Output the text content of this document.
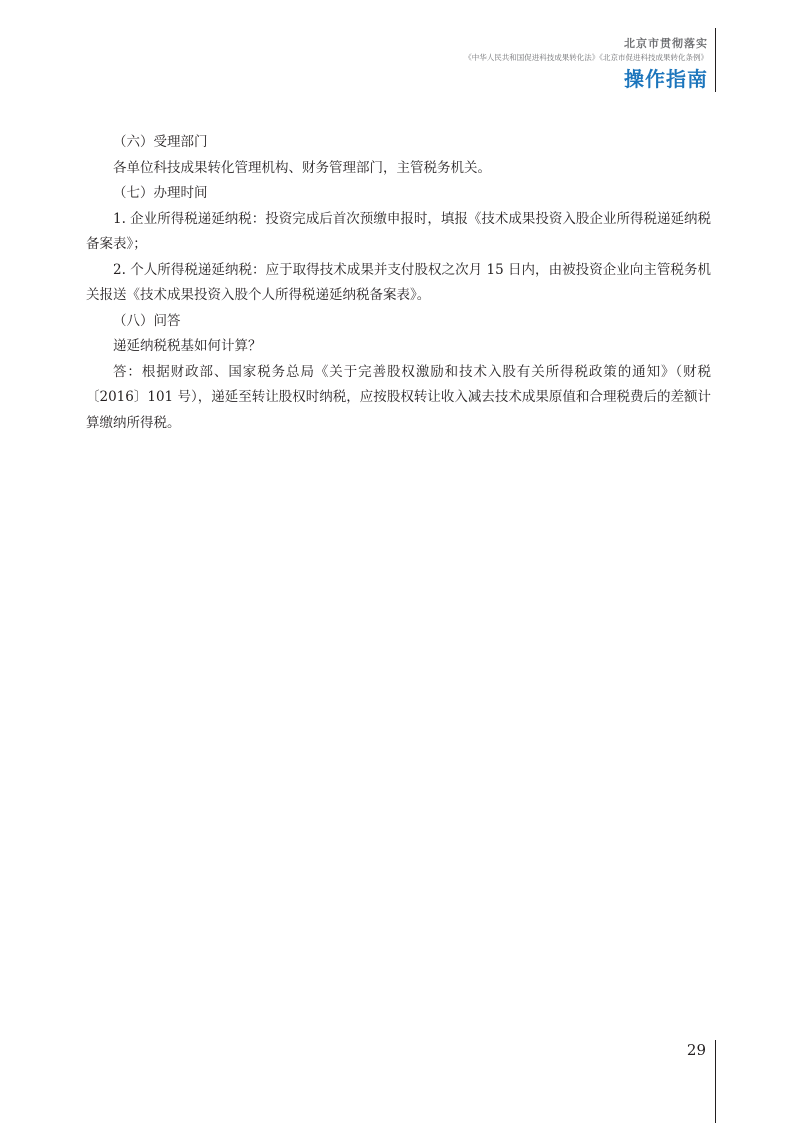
北京市贯彻落实
《中华人民共和国促进科技成果转化法》《北京市促进科技成果转化条例》
操作指南

（六）受理部门

各单位科技成果转化管理机构、财务管理部门，主管税务机关。

（七）办理时间

1. 企业所得税递延纳税：投资完成后首次预缴申报时，填报《技术成果投资入股企业所得税递延纳税备案表》；

2. 个人所得税递延纳税：应于取得技术成果并支付股权之次月 15 日内，由被投资企业向主管税务机关报送《技术成果投资入股个人所得税递延纳税备案表》。

（八）问答

递延纳税税基如何计算？

答：根据财政部、国家税务总局《关于完善股权激励和技术入股有关所得税政策的通知》（财税〔2016〕101 号），递延至转让股权时纳税，应按股权转让收入减去技术成果原值和合理税费后的差额计算缴纳所得税。

29
